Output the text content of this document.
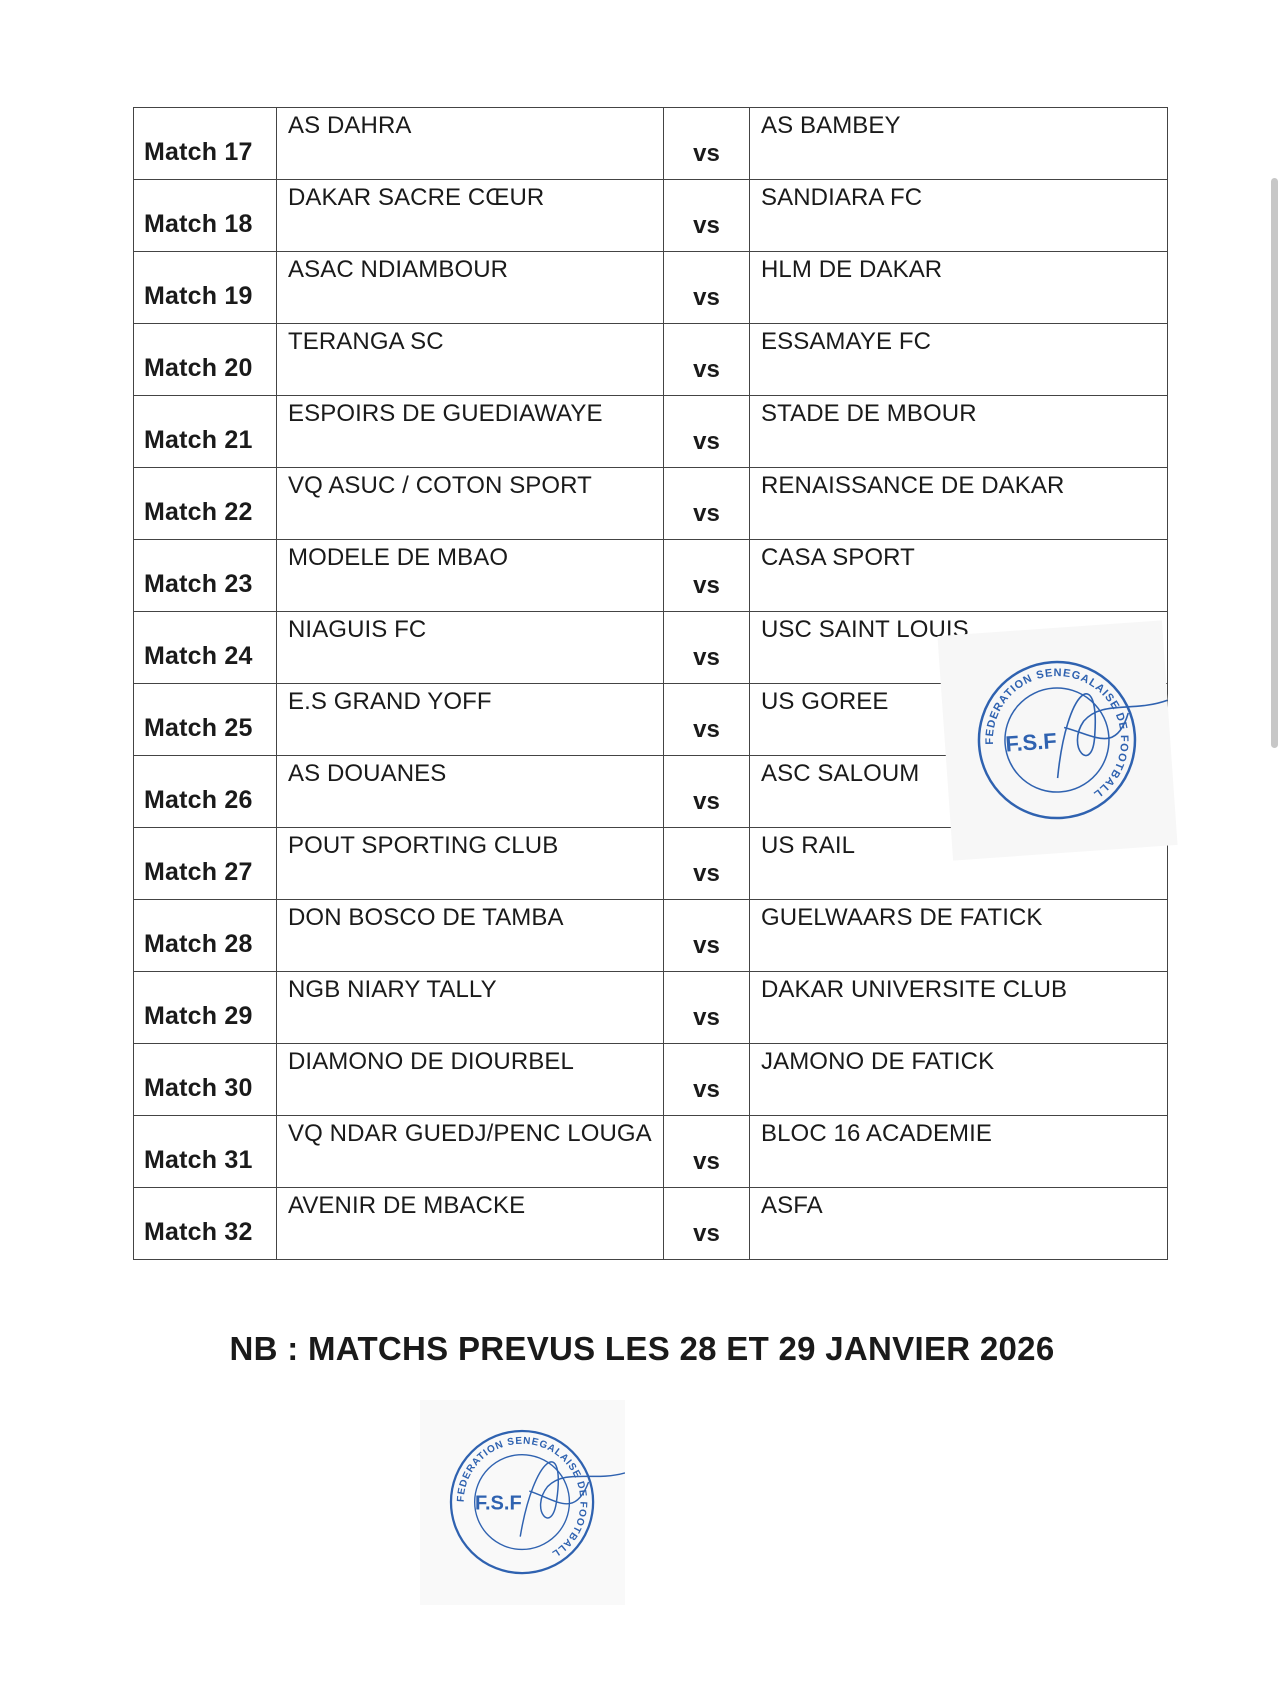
Match 17	AS DAHRA	vs	AS BAMBEY

Match 18	DAKAR SACRE CŒUR	vs	SANDIARA FC

Match 19	ASAC NDIAMBOUR	vs	HLM DE DAKAR

Match 20	TERANGA SC	vs	ESSAMAYE FC

Match 21	ESPOIRS DE GUEDIAWAYE	vs	STADE DE MBOUR

Match 22	VQ ASUC / COTON SPORT	vs	RENAISSANCE DE DAKAR

Match 23	MODELE DE MBAO	vs	CASA SPORT

Match 24	NIAGUIS FC	vs	USC SAINT LOUIS

Match 25	E.S GRAND YOFF	vs	US GOREE

Match 26	AS DOUANES	vs	ASC SALOUM

Match 27	POUT SPORTING CLUB	vs	US RAIL

Match 28	DON BOSCO DE TAMBA	vs	GUELWAARS DE FATICK

Match 29	NGB NIARY TALLY	vs	DAKAR UNIVERSITE CLUB

Match 30	DIAMONO DE DIOURBEL	vs	JAMONO DE FATICK

Match 31	VQ NDAR GUEDJ/PENC LOUGA	vs	BLOC 16 ACADEMIE

Match 32	AVENIR DE MBACKE	vs	ASFA
NB : MATCHS PREVUS LES 28 ET 29 JANVIER 2026
FEDERATION SENEGALAISE DE FOOTBALL
F.S.F
FEDERATION SENEGALAISE DE FOOTBALL
F.S.F
